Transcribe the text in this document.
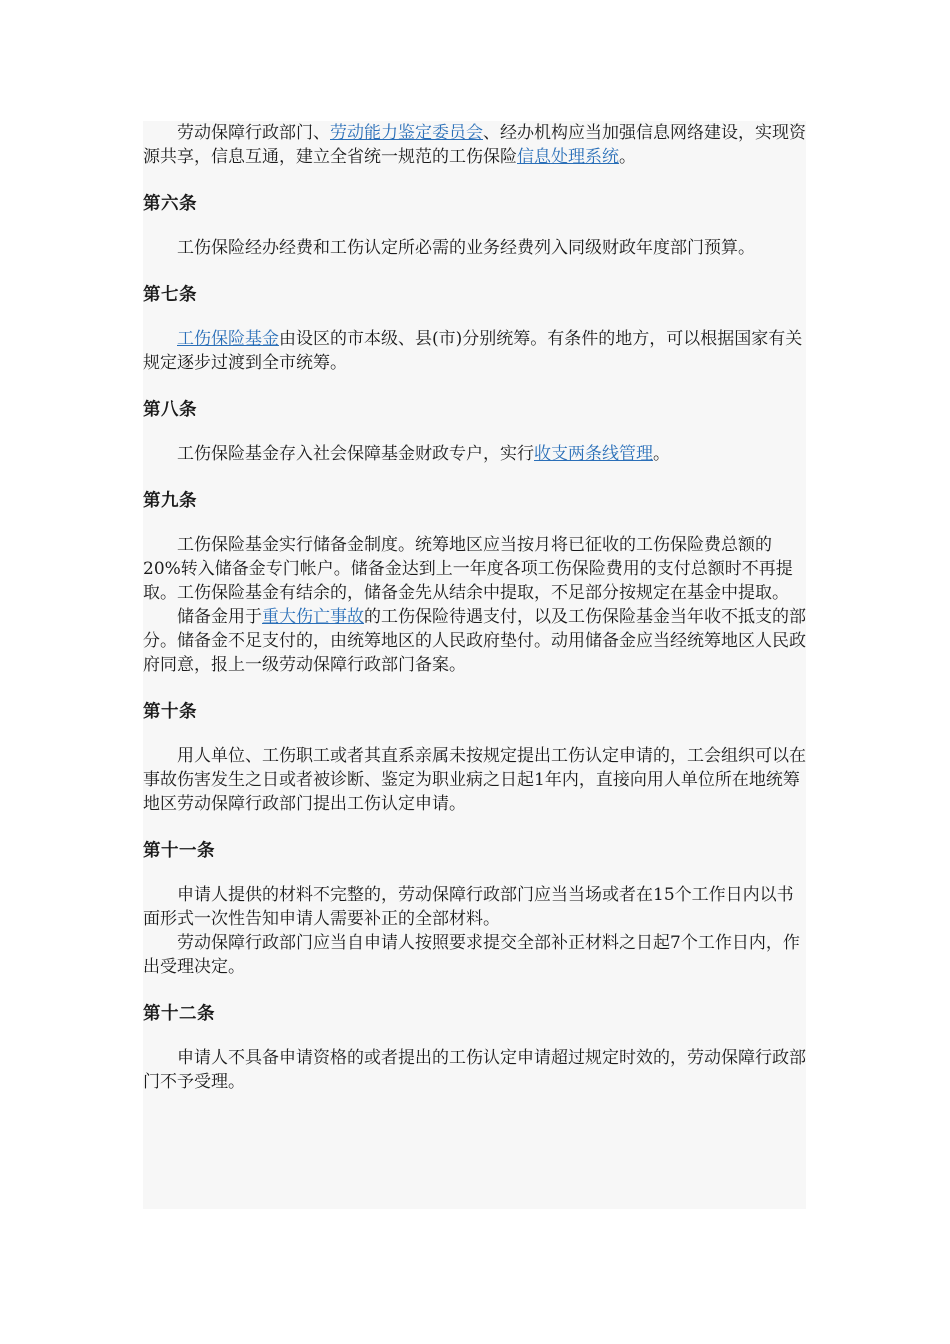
劳动保障行政部门、劳动能力鉴定委员会、经办机构应当加强信息网络建设，实现资源共享，信息互通，建立全省统一规范的工伤保险信息处理系统。

第六条

工伤保险经办经费和工伤认定所必需的业务经费列入同级财政年度部门预算。

第七条

工伤保险基金由设区的市本级、县(市)分别统筹。有条件的地方，可以根据国家有关规定逐步过渡到全市统筹。

第八条

工伤保险基金存入社会保障基金财政专户，实行收支两条线管理。

第九条

工伤保险基金实行储备金制度。统筹地区应当按月将已征收的工伤保险费总额的20%转入储备金专门帐户。储备金达到上一年度各项工伤保险费用的支付总额时不再提取。工伤保险基金有结余的，储备金先从结余中提取，不足部分按规定在基金中提取。

储备金用于重大伤亡事故的工伤保险待遇支付，以及工伤保险基金当年收不抵支的部分。储备金不足支付的，由统筹地区的人民政府垫付。动用储备金应当经统筹地区人民政府同意，报上一级劳动保障行政部门备案。

第十条

用人单位、工伤职工或者其直系亲属未按规定提出工伤认定申请的，工会组织可以在事故伤害发生之日或者被诊断、鉴定为职业病之日起1年内，直接向用人单位所在地统筹地区劳动保障行政部门提出工伤认定申请。

第十一条

申请人提供的材料不完整的，劳动保障行政部门应当当场或者在15个工作日内以书面形式一次性告知申请人需要补正的全部材料。

劳动保障行政部门应当自申请人按照要求提交全部补正材料之日起7个工作日内，作出受理决定。

第十二条

申请人不具备申请资格的或者提出的工伤认定申请超过规定时效的，劳动保障行政部门不予受理。
